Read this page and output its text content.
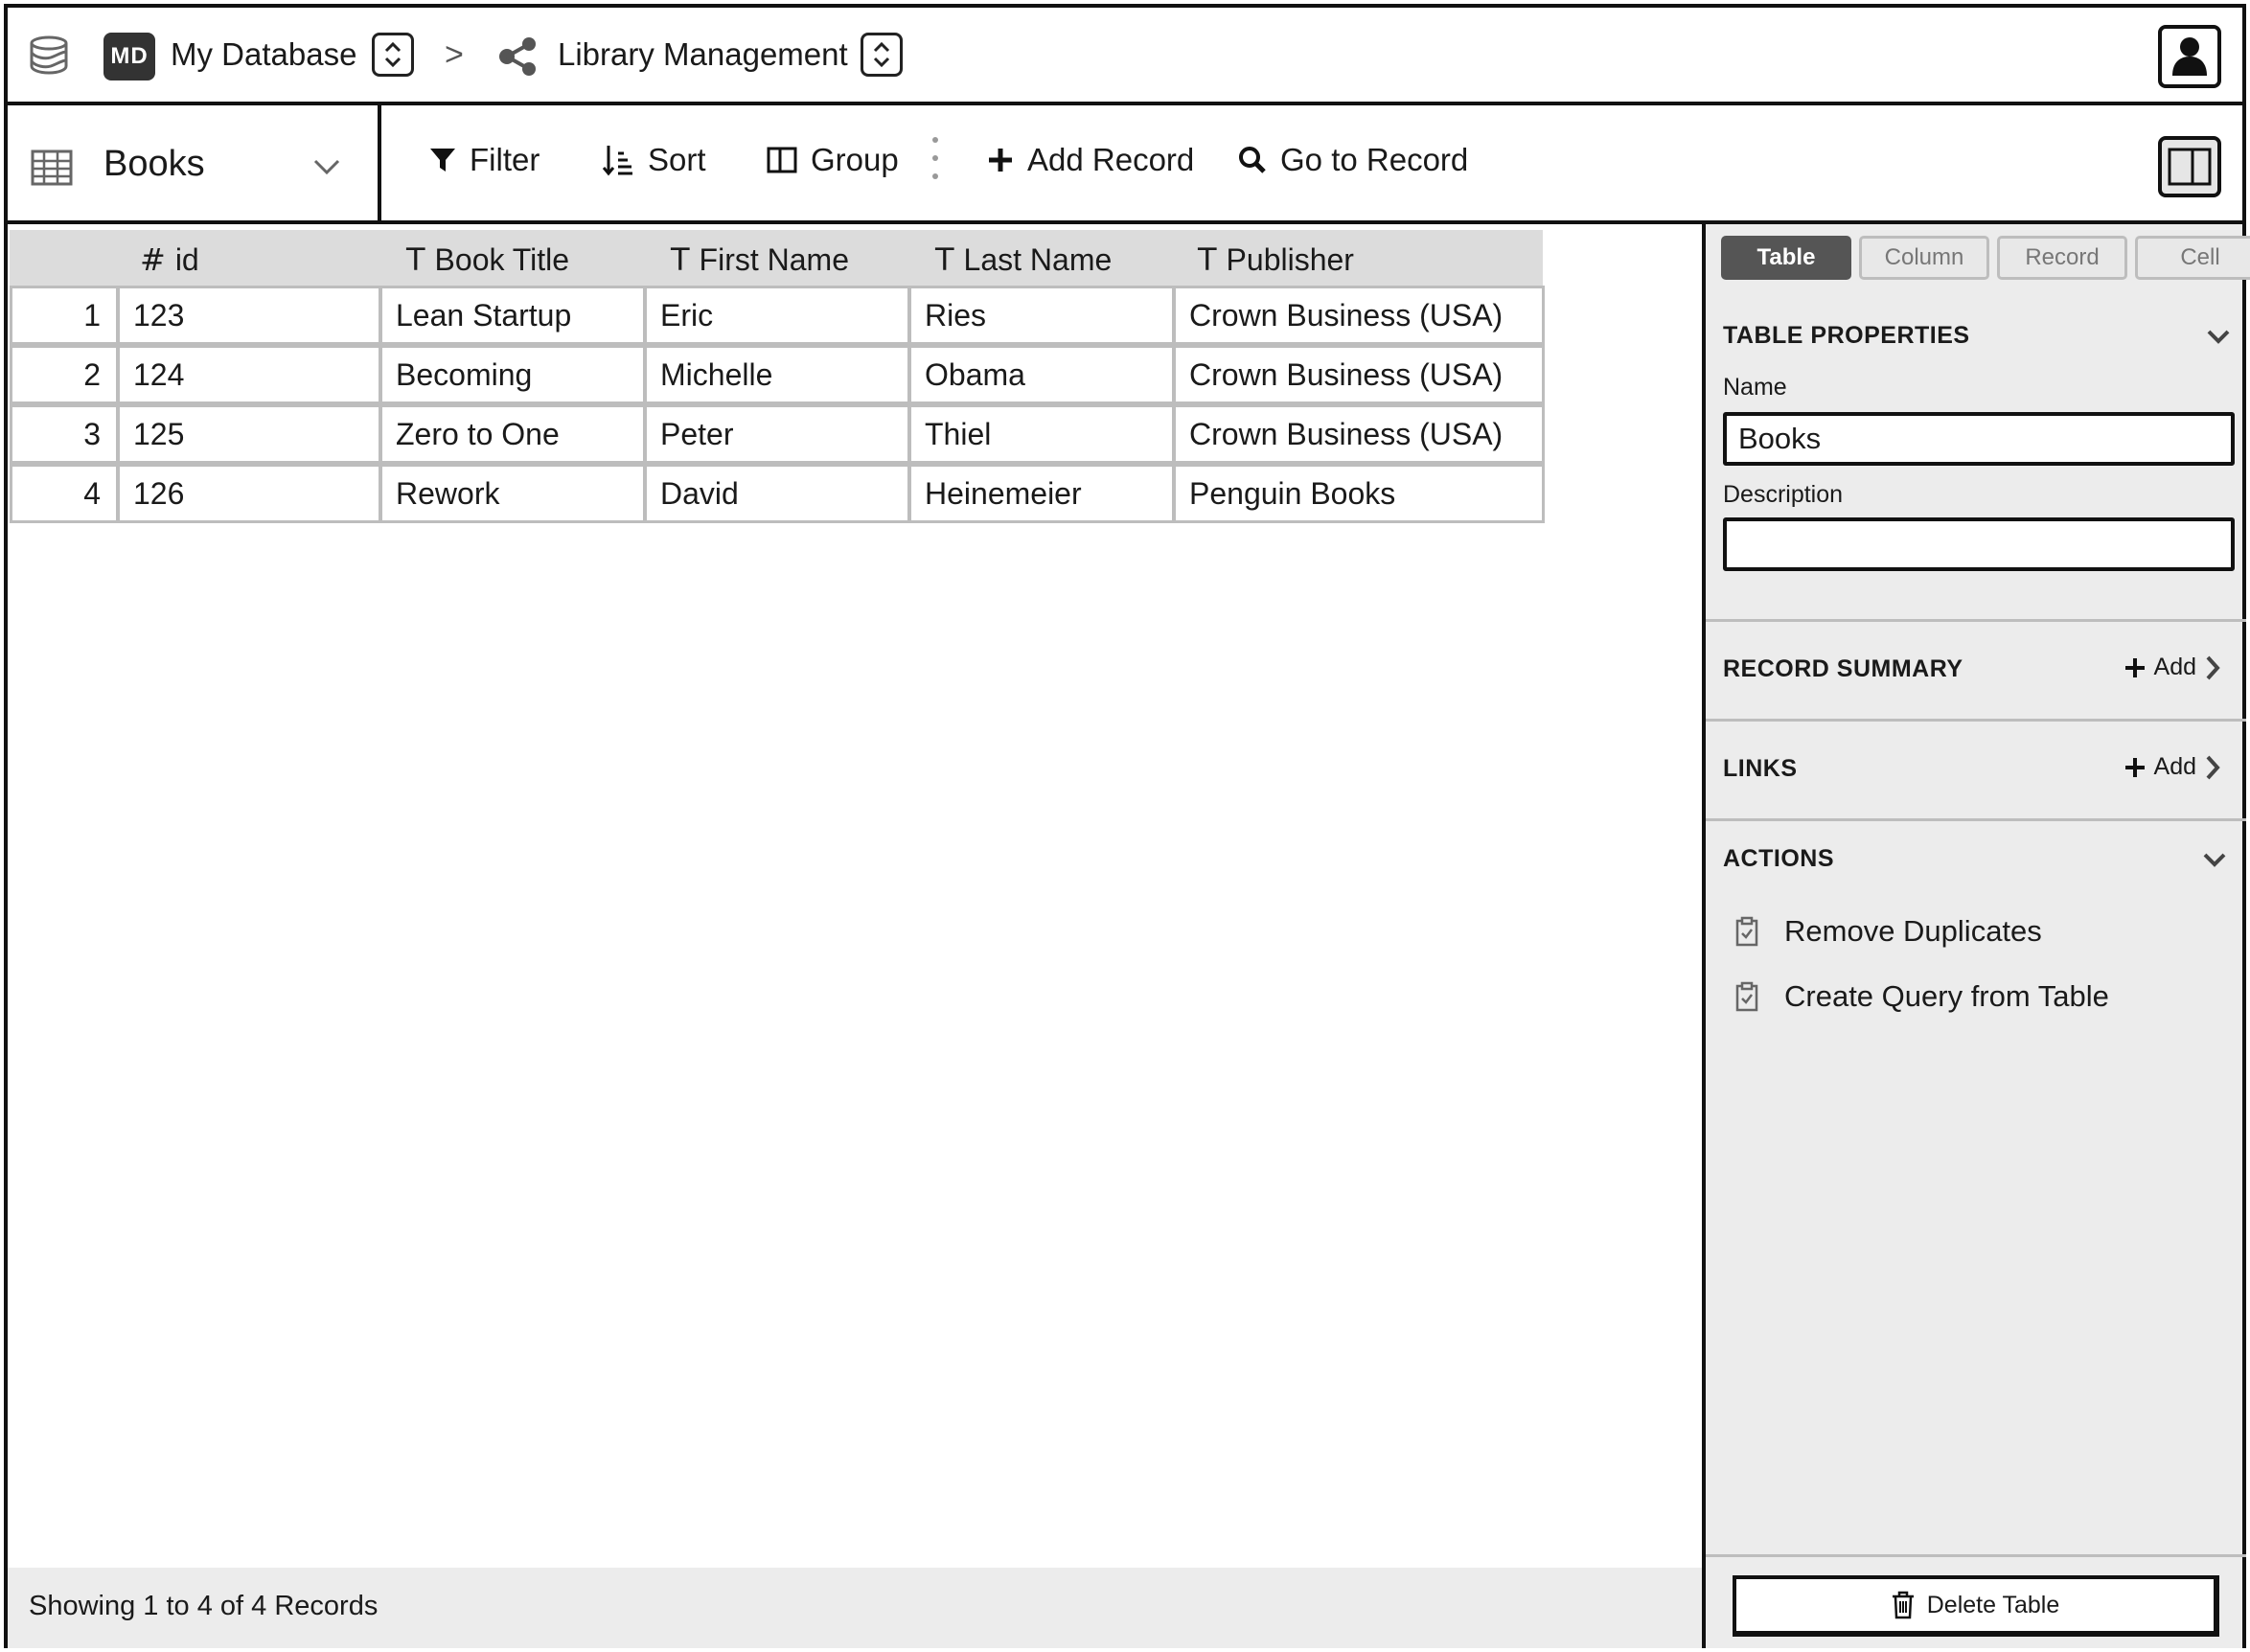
MD My Database	>	Library Management
Books	Filter	Sort	Group	Add Record	Go to Record
# id	T Book Title	T First Name	T Last Name	T Publisher
1	123	Lean Startup	Eric	Ries	Crown Business (USA)
2	124	Becoming	Michelle	Obama	Crown Business (USA)
3	125	Zero to One	Peter	Thiel	Crown Business (USA)
4	126	Rework	David	Heinemeier	Penguin Books
Showing 1 to 4 of 4 Records
Table	Column	Record	Cell
TABLE PROPERTIES
Name
Books
Description
RECORD SUMMARY	Add
LINKS	Add
ACTIONS
Remove Duplicates
Create Query from Table
Delete Table
